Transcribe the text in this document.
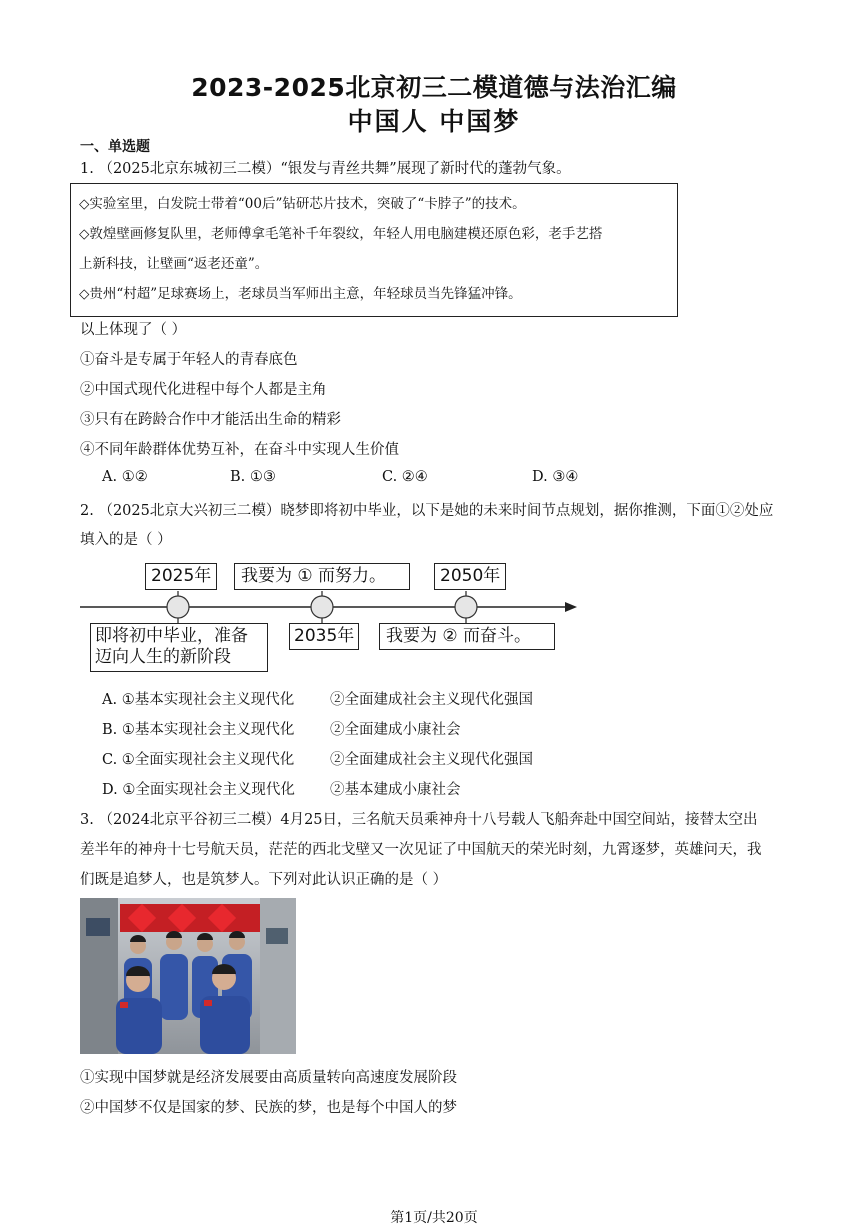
2023-2025北京初三二模道德与法治汇编
中国人 中国梦
一、单选题
1. （2025北京东城初三二模）“银发与青丝共舞”展现了新时代的蓬勃气象。
◇实验室里，白发院士带着“00后”钻研芯片技术，突破了“卡脖子”的技术。
◇敦煌壁画修复队里，老师傅拿毛笔补千年裂纹，年轻人用电脑建模还原色彩，老手艺搭
上新科技，让壁画“返老还童”。
◇贵州“村超”足球赛场上，老球员当军师出主意，年轻球员当先锋猛冲锋。
以上体现了（ ）
①奋斗是专属于年轻人的青春底色
②中国式现代化进程中每个人都是主角
③只有在跨龄合作中才能活出生命的精彩
④不同年龄群体优势互补，在奋斗中实现人生价值
A. ①②	B. ①③	C. ②④	D. ③④
2. （2025北京大兴初三二模）晓梦即将初中毕业，以下是她的未来时间节点规划，据你推测，下面①②处应
填入的是（ ）
2025年	我要为 ① 而努力。	2050年
即将初中毕业，准备
迈向人生的新阶段
2035年	我要为 ② 而奋斗。
A. ①基本实现社会主义现代化 ②全面建成社会主义现代化强国
B. ①基本实现社会主义现代化 ②全面建成小康社会
C. ①全面实现社会主义现代化 ②全面建成社会主义现代化强国
D. ①全面实现社会主义现代化 ②基本建成小康社会
3. （2024北京平谷初三二模）4月25日，三名航天员乘神舟十八号载人飞船奔赴中国空间站，接替太空出
差半年的神舟十七号航天员，茫茫的西北戈壁又一次见证了中国航天的荣光时刻，九霄逐梦，英雄问天，我
们既是追梦人，也是筑梦人。下列对此认识正确的是（ ）
①实现中国梦就是经济发展要由高质量转向高速度发展阶段
②中国梦不仅是国家的梦、民族的梦，也是每个中国人的梦
第1页/共20页
